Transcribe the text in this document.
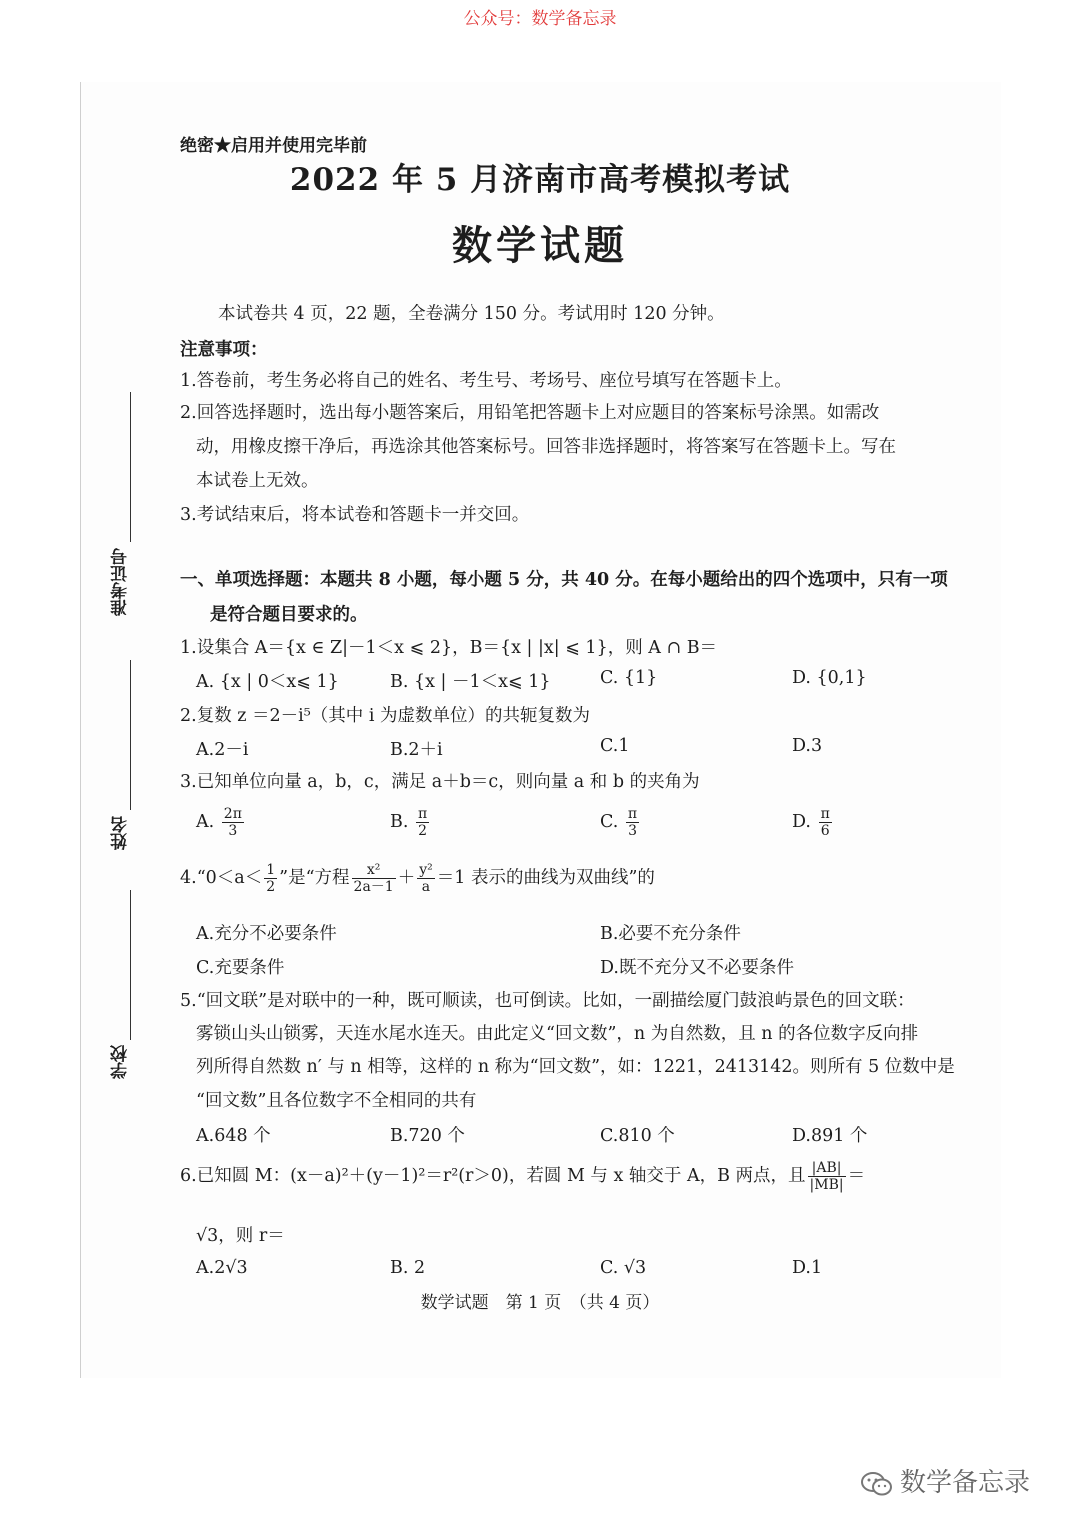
公众号：数学备忘录
准考证号
姓名
学校
绝密★启用并使用完毕前
2022 年 5 月济南市高考模拟考试
数学试题
本试卷共 4 页，22 题，全卷满分 150 分。考试用时 120 分钟。
注意事项：
1.答卷前，考生务必将自己的姓名、考生号、考场号、座位号填写在答题卡上。
2.回答选择题时，选出每小题答案后，用铅笔把答题卡上对应题目的答案标号涂黑。如需改
动，用橡皮擦干净后，再选涂其他答案标号。回答非选择题时，将答案写在答题卡上。写在
本试卷上无效。
3.考试结束后，将本试卷和答题卡一并交回。
一、单项选择题：本题共 8 小题，每小题 5 分，共 40 分。在每小题给出的四个选项中，只有一项
是符合题目要求的。
1.设集合 A＝{x ∈ Z|－1＜x ⩽ 2}，B＝{x | |x| ⩽ 1}，则 A ∩ B＝
A. {x | 0＜x⩽ 1}	B. {x | －1＜x⩽ 1}	C. {1}	D. {0,1}
2.复数 z ＝2－i⁵（其中 i 为虚数单位）的共轭复数为
A.2－i	B.2＋i	C.1	D.3
3.已知单位向量 a，b，c，满足 a＋b＝c，则向量 a 和 b 的夹角为
A. $\frac{2\pi}{3}$	B. $\frac{\pi}{2}$	C. $\frac{\pi}{3}$	D. $\frac{\pi}{6}$
4.“0＜a＜ $\frac{1}{2}$ ”是“方程 $\frac{\text{x²}}{2a-1} + \frac{\text{y²}}{a} =1$ 表示的曲线为双曲线”的
A.充分不必要条件	B.必要不充分条件
C.充要条件	D.既不充分又不必要条件
5.“回文联”是对联中的一种，既可顺读，也可倒读。比如，一副描绘厦门鼓浪屿景色的回文联：
雾锁山头山锁雾，天连水尾水连天。由此定义“回文数”，n 为自然数，且 n 的各位数字反向排
列所得自然数 n′ 与 n 相等，这样的 n 称为“回文数”，如：1221，2413142。则所有 5 位数中是
“回文数”且各位数字不全相同的共有
A.648 个	B.720 个	C.810 个	D.891 个
6.已知圆 M：(x－a)²＋(y－1)²＝r²(r＞0)，若圆 M 与 x 轴交于 A，B 两点，且 $\frac{|AB|}{|MB|}$ ＝
√3，则 r＝
A.2√3	B. 2	C. √3	D.1
数学试题　第 1 页　（共 4 页）
数学备忘录
